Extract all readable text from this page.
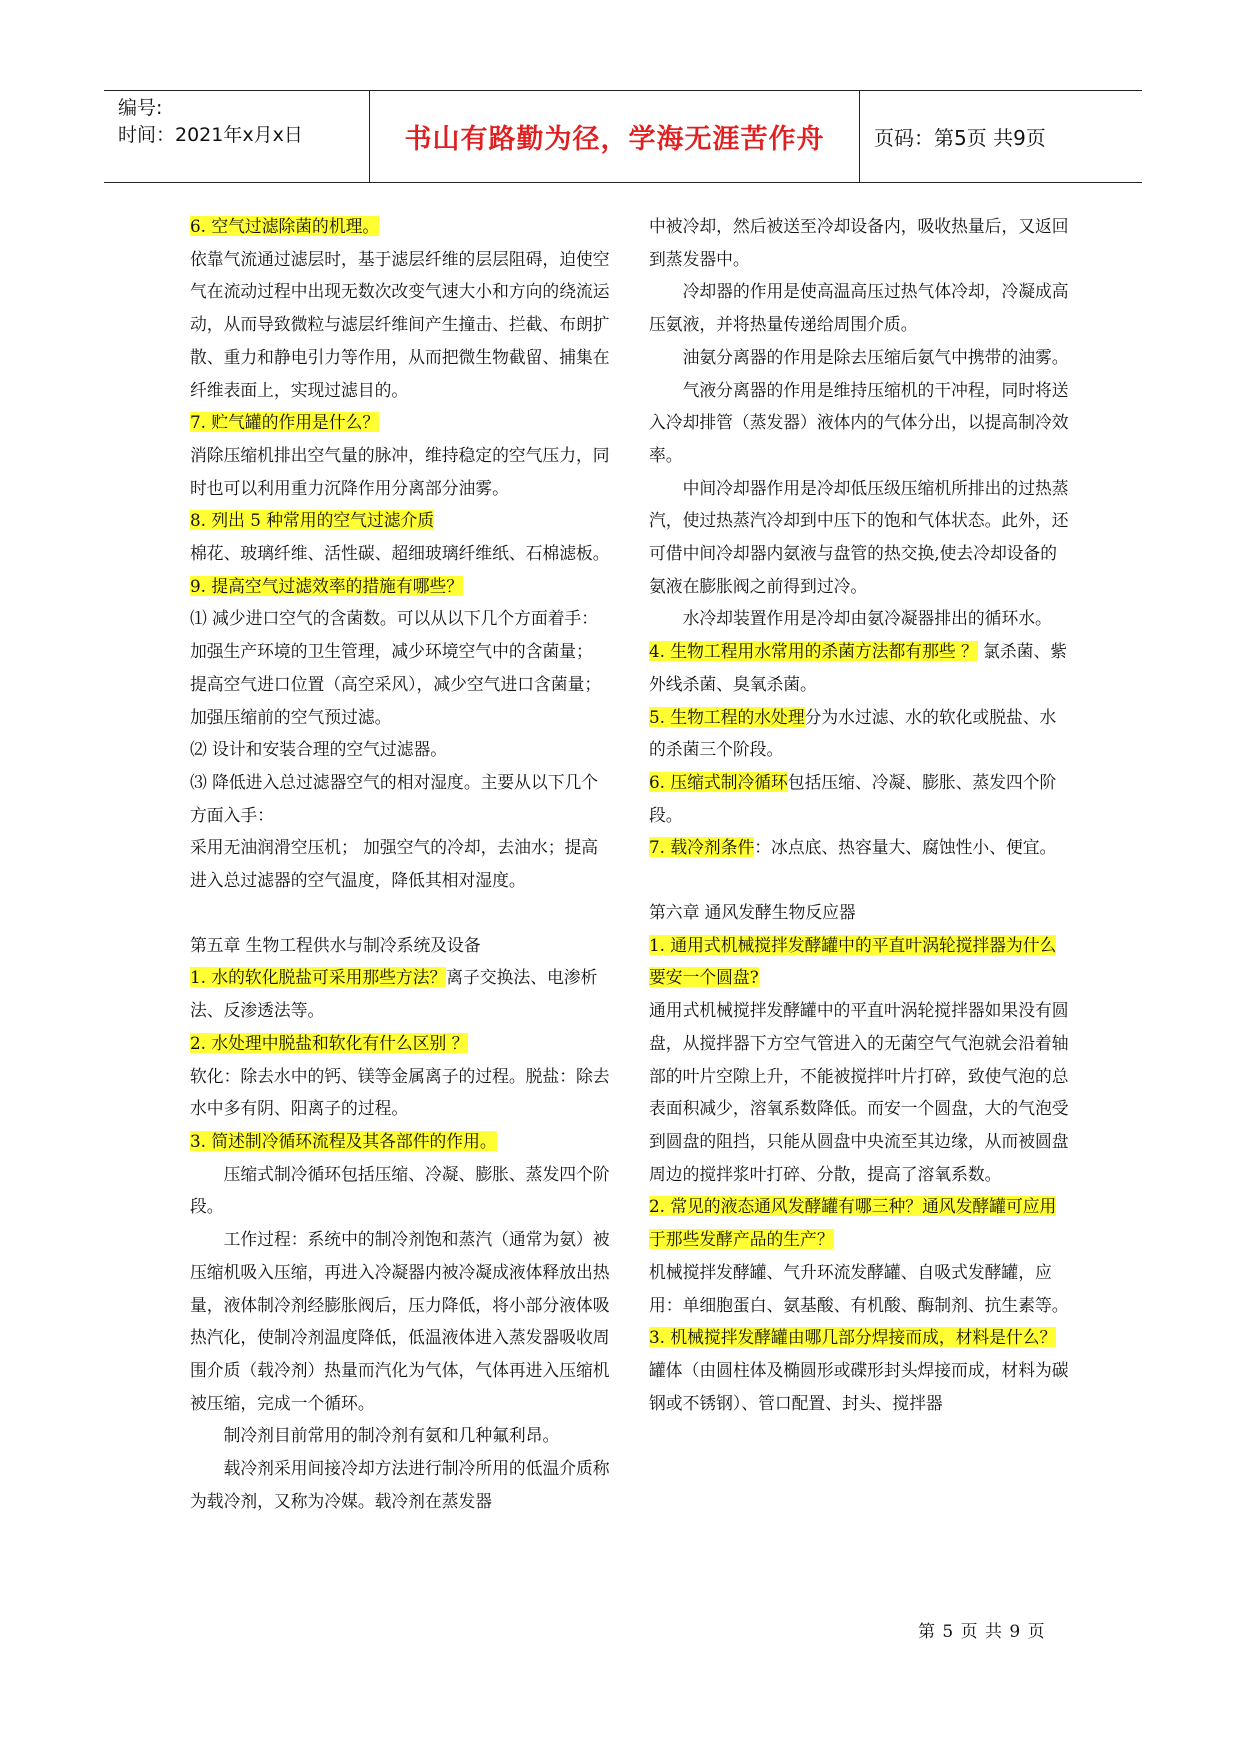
编号:
时间：2021年x月x日	书山有路勤为径，学海无涯苦作舟	页码：第5页 共9页

6. 空气过滤除菌的机理。

依靠气流通过滤层时，基于滤层纤维的层层阻碍，迫使空气在流动过程中出现无数次改变气速大小和方向的绕流运动，从而导致微粒与滤层纤维间产生撞击、拦截、布朗扩散、重力和静电引力等作用，从而把微生物截留、捕集在纤维表面上，实现过滤目的。

7. 贮气罐的作用是什么？

消除压缩机排出空气量的脉冲，维持稳定的空气压力，同时也可以利用重力沉降作用分离部分油雾。

8. 列出 5 种常用的空气过滤介质

棉花、玻璃纤维、活性碳、超细玻璃纤维纸、石棉滤板。

9. 提高空气过滤效率的措施有哪些？

⑴ 减少进口空气的含菌数。可以从以下几个方面着手：加强生产环境的卫生管理，减少环境空气中的含菌量； 提高空气进口位置（高空采风），减少空气进口含菌量； 加强压缩前的空气预过滤。

⑵ 设计和安装合理的空气过滤器。

⑶ 降低进入总过滤器空气的相对湿度。主要从以下几个方面入手：

采用无油润滑空压机； 加强空气的冷却，去油水；提高进入总过滤器的空气温度，降低其相对湿度。

第五章 生物工程供水与制冷系统及设备

1. 水的软化脱盐可采用那些方法？离子交换法、电渗析法、反渗透法等。

2. 水处理中脱盐和软化有什么区别 ？

软化：除去水中的钙、镁等金属离子的过程。脱盐：除去水中多有阴、阳离子的过程。

3. 简述制冷循环流程及其各部件的作用。

压缩式制冷循环包括压缩、冷凝、膨胀、蒸发四个阶段。

工作过程：系统中的制冷剂饱和蒸汽（通常为氨）被压缩机吸入压缩，再进入冷凝器内被冷凝成液体释放出热量，液体制冷剂经膨胀阀后，压力降低，将小部分液体吸热汽化，使制冷剂温度降低，低温液体进入蒸发器吸收周围介质（载冷剂）热量而汽化为气体，气体再进入压缩机被压缩，完成一个循环。

制冷剂目前常用的制冷剂有氨和几种氟利昂。

载冷剂采用间接冷却方法进行制冷所用的低温介质称为载冷剂，又称为冷媒。载冷剂在蒸发器

中被冷却，然后被送至冷却设备内，吸收热量后，又返回到蒸发器中。

冷却器的作用是使高温高压过热气体冷却，冷凝成高压氨液，并将热量传递给周围介质。

油氨分离器的作用是除去压缩后氨气中携带的油雾。

气液分离器的作用是维持压缩机的干冲程，同时将送入冷却排管（蒸发器）液体内的气体分出，以提高制冷效率。

中间冷却器作用是冷却低压级压缩机所排出的过热蒸汽，使过热蒸汽冷却到中压下的饱和气体状态。此外，还可借中间冷却器内氨液与盘管的热交换,使去冷却设备的氨液在膨胀阀之前得到过冷。

水冷却装置作用是冷却由氨冷凝器排出的循环水。

4. 生物工程用水常用的杀菌方法都有那些 ？ 氯杀菌、紫外线杀菌、臭氧杀菌。

5. 生物工程的水处理分为水过滤、水的软化或脱盐、水的杀菌三个阶段。

6. 压缩式制冷循环包括压缩、冷凝、膨胀、蒸发四个阶段。

7. 载冷剂条件：冰点底、热容量大、腐蚀性小、便宜。

第六章 通风发酵生物反应器

1. 通用式机械搅拌发酵罐中的平直叶涡轮搅拌器为什么要安一个圆盘?

通用式机械搅拌发酵罐中的平直叶涡轮搅拌器如果没有圆盘，从搅拌器下方空气管进入的无菌空气气泡就会沿着轴部的叶片空隙上升，不能被搅拌叶片打碎，致使气泡的总表面积减少，溶氧系数降低。而安一个圆盘，大的气泡受到圆盘的阻挡，只能从圆盘中央流至其边缘，从而被圆盘周边的搅拌浆叶打碎、分散，提高了溶氧系数。

2. 常见的液态通风发酵罐有哪三种？通风发酵罐可应用于那些发酵产品的生产？

机械搅拌发酵罐、气升环流发酵罐、自吸式发酵罐，应用：单细胞蛋白、氨基酸、有机酸、酶制剂、抗生素等。

3. 机械搅拌发酵罐由哪几部分焊接而成，材料是什么？

罐体（由圆柱体及椭圆形或碟形封头焊接而成，材料为碳钢或不锈钢）、管口配置、封头、搅拌器

第 5 页 共 9 页
